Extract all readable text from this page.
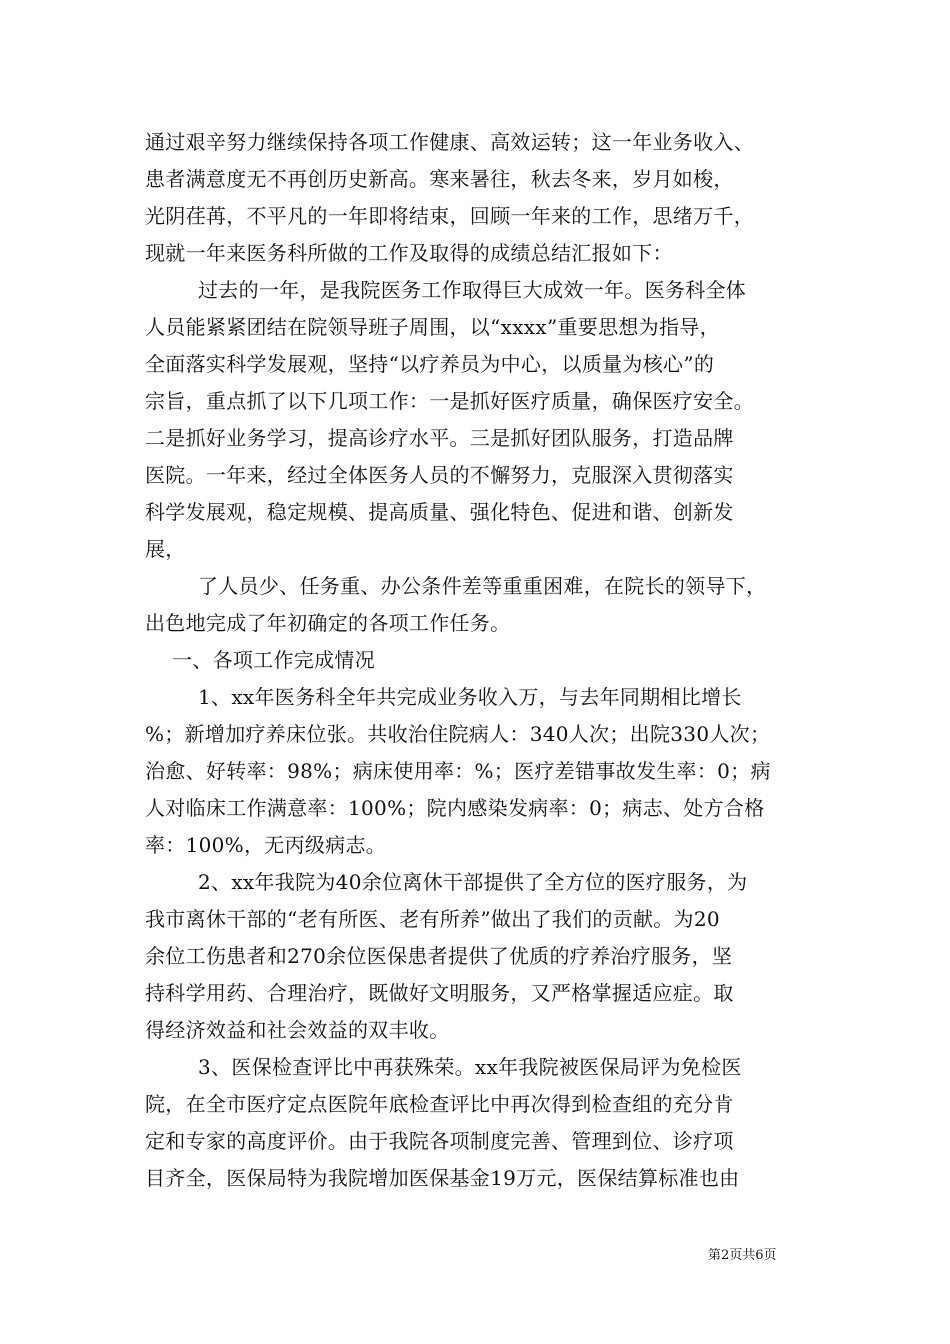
通过艰辛努力继续保持各项工作健康、高效运转；这一年业务收入、
患者满意度无不再创历史新高。寒来暑往，秋去冬来，岁月如梭，
光阴荏苒，不平凡的一年即将结束，回顾一年来的工作，思绪万千，
现就一年来医务科所做的工作及取得的成绩总结汇报如下：
过去的一年，是我院医务工作取得巨大成效一年。医务科全体
人员能紧紧团结在院领导班子周围，以“xxxx”重要思想为指导，
全面落实科学发展观，坚持“以疗养员为中心，以质量为核心”的
宗旨，重点抓了以下几项工作：一是抓好医疗质量，确保医疗安全。
二是抓好业务学习，提高诊疗水平。三是抓好团队服务，打造品牌
医院。一年来，经过全体医务人员的不懈努力，克服深入贯彻落实
科学发展观，稳定规模、提高质量、强化特色、促进和谐、创新发
展，
了人员少、任务重、办公条件差等重重困难，在院长的领导下，
出色地完成了年初确定的各项工作任务。
一、各项工作完成情况
1、xx年医务科全年共完成业务收入万，与去年同期相比增长
%；新增加疗养床位张。共收治住院病人：340人次；出院330人次；
治愈、好转率：98%；病床使用率：%；医疗差错事故发生率：0；病
人对临床工作满意率：100%；院内感染发病率：0；病志、处方合格
率：100%，无丙级病志。
2、xx年我院为40余位离休干部提供了全方位的医疗服务，为
我市离休干部的“老有所医、老有所养”做出了我们的贡献。为20
余位工伤患者和270余位医保患者提供了优质的疗养治疗服务，坚
持科学用药、合理治疗，既做好文明服务，又严格掌握适应症。取
得经济效益和社会效益的双丰收。
3、医保检查评比中再获殊荣。xx年我院被医保局评为免检医
院，在全市医疗定点医院年底检查评比中再次得到检查组的充分肯
定和专家的高度评价。由于我院各项制度完善、管理到位、诊疗项
目齐全，医保局特为我院增加医保基金19万元，医保结算标准也由
第2页共6页
